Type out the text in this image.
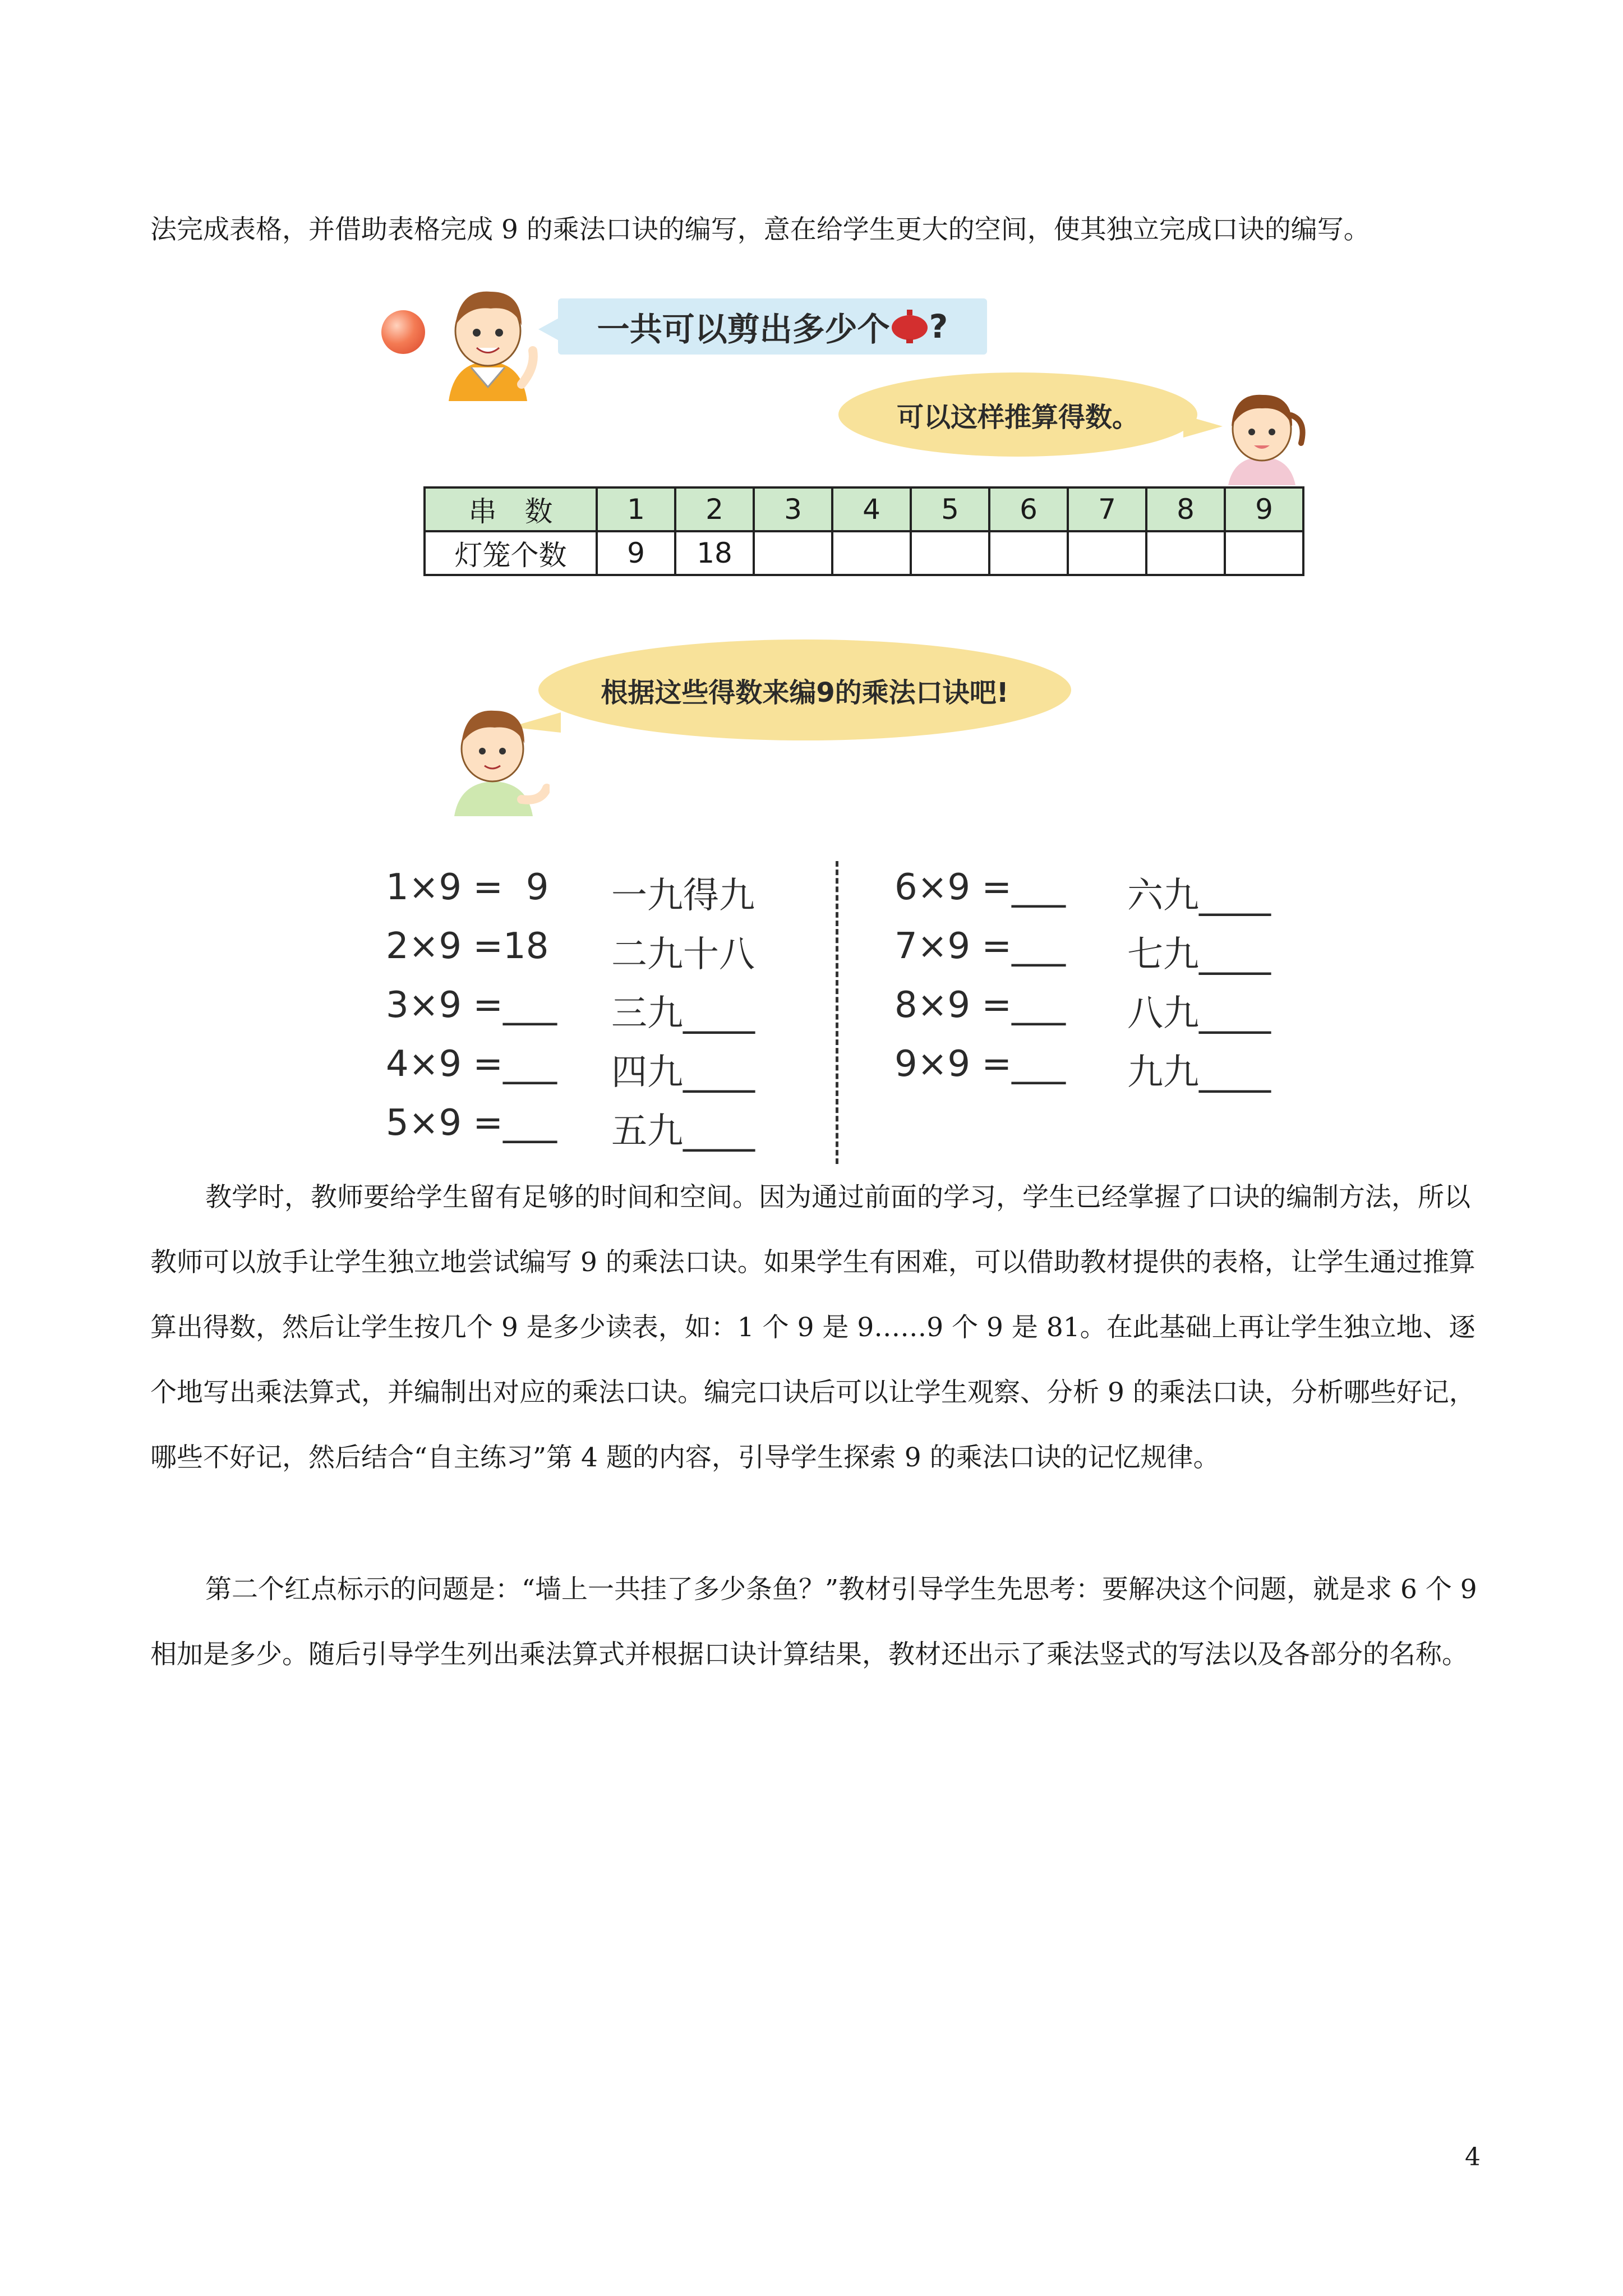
法完成表格，并借助表格完成 9 的乘法口诀的编写，意在给学生更大的空间，使其独立完成口诀的编写。

一共可以剪出多少个 ?
可以这样推算得数。
串　数	1	2	3	4	5	6	7	8	9
灯笼个数	9	18							
根据这些得数来编9的乘法口诀吧!
1×9 =  9 一九得九
2×9 =18 二九十八
3×9 =___ 三九____
4×9 =___ 四九____
5×9 =___ 五九____
6×9 =___ 六九____
7×9 =___ 七九____
8×9 =___ 八九____
9×9 =___ 九九____

教学时，教师要给学生留有足够的时间和空间。因为通过前面的学习，学生已经掌握了口诀的编制方法，所以教师可以放手让学生独立地尝试编写 9 的乘法口诀。如果学生有困难，可以借助教材提供的表格，让学生通过推算算出得数，然后让学生按几个 9 是多少读表，如：1 个 9 是 9……9 个 9 是 81。在此基础上再让学生独立地、逐个地写出乘法算式，并编制出对应的乘法口诀。编完口诀后可以让学生观察、分析 9 的乘法口诀，分析哪些好记，哪些不好记，然后结合“自主练习”第 4 题的内容，引导学生探索 9 的乘法口诀的记忆规律。

第二个红点标示的问题是：“墙上一共挂了多少条鱼？”教材引导学生先思考：要解决这个问题，就是求 6 个 9 相加是多少。随后引导学生列出乘法算式并根据口诀计算结果，教材还出示了乘法竖式的写法以及各部分的名称。

4
